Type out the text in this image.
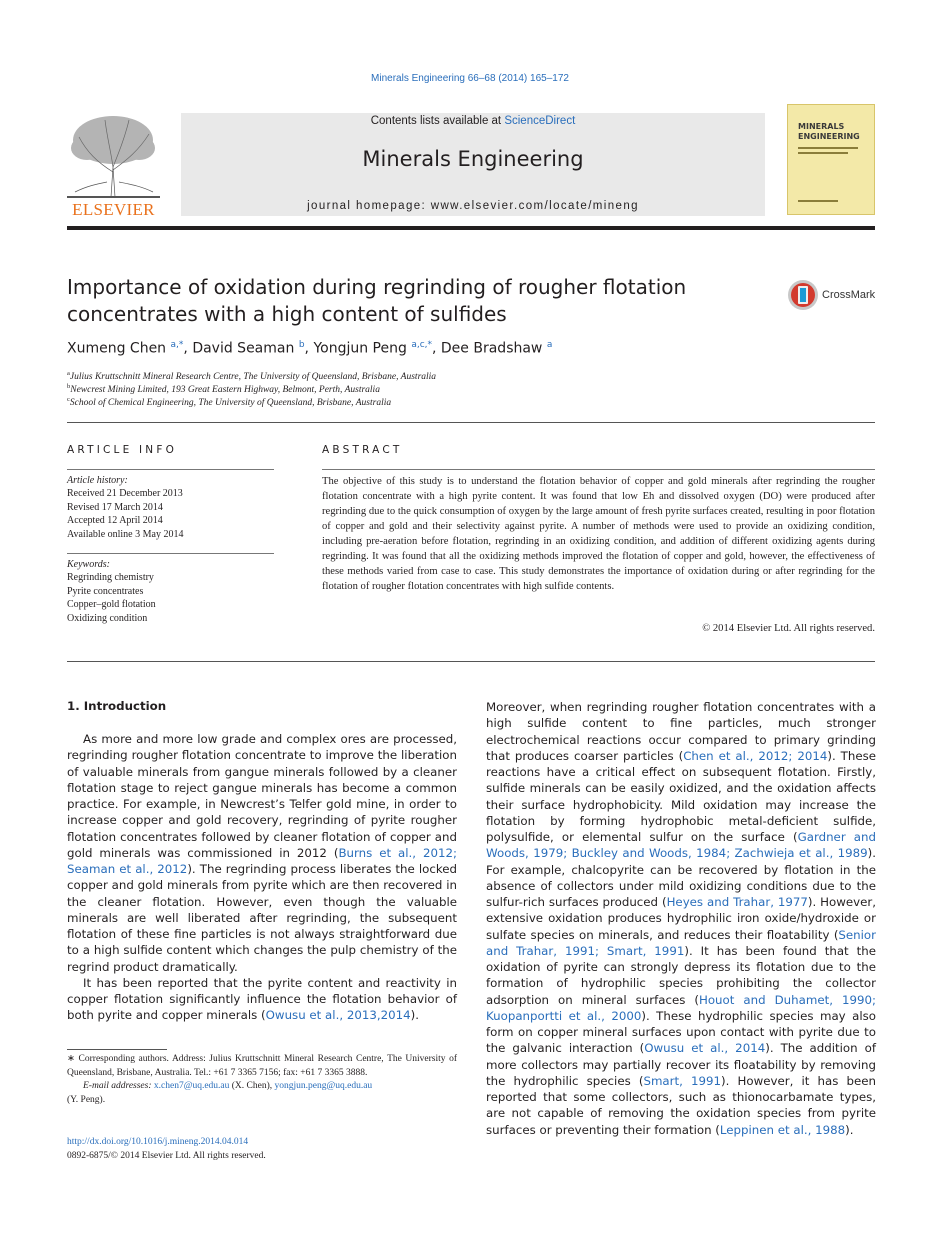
Minerals Engineering 66–68 (2014) 165–172
ELSEVIER
Contents lists available at ScienceDirect
Minerals Engineering
journal homepage: www.elsevier.com/locate/mineng
MINERALS
ENGINEERING
Importance of oxidation during regrinding of rougher flotation
concentrates with a high content of sulfides
CrossMark
Xumeng Chen $^{a,*}$, David Seaman $^b$, Yongjun Peng $^{a,c,*}$, Dee Bradshaw $^a$
$^a$Julius Kruttschnitt Mineral Research Centre, The University of Queensland, Brisbane, Australia
$^b$Newcrest Mining Limited, 193 Great Eastern Highway, Belmont, Perth, Australia
$^c$School of Chemical Engineering, The University of Queensland, Brisbane, Australia
ARTICLE INFO
Article history:
Received 21 December 2013
Revised 17 March 2014
Accepted 12 April 2014
Available online 3 May 2014
Keywords:
Regrinding chemistry
Pyrite concentrates
Copper–gold flotation
Oxidizing condition
ABSTRACT
The objective of this study is to understand the flotation behavior of copper and gold minerals after regrinding the rougher flotation concentrate with a high pyrite content. It was found that low Eh and dissolved oxygen (DO) were produced after regrinding due to the quick consumption of oxygen by the large amount of fresh pyrite surfaces created, resulting in poor flotation of copper and gold and their selectivity against pyrite. A number of methods were used to provide an oxidizing condition, including pre-aeration before flotation, regrinding in an oxidizing condition, and addition of different oxidizing agents during regrinding. It was found that all the oxidizing methods improved the flotation of copper and gold, however, the effectiveness of these methods varied from case to case. This study demonstrates the importance of oxidation during or after regrinding for the flotation of rougher flotation concentrates with high sulfide contents.
© 2014 Elsevier Ltd. All rights reserved.
1. Introduction

As more and more low grade and complex ores are processed, regrinding rougher flotation concentrate to improve the liberation of valuable minerals from gangue minerals followed by a cleaner flotation stage to reject gangue minerals has become a common practice. For example, in Newcrest’s Telfer gold mine, in order to increase copper and gold recovery, regrinding of pyrite rougher flotation concentrates followed by cleaner flotation of copper and gold minerals was commissioned in 2012 (Burns et al., 2012; Seaman et al., 2012). The regrinding process liberates the locked copper and gold minerals from pyrite which are then recovered in the cleaner flotation. However, even though the valuable minerals are well liberated after regrinding, the subsequent flotation of these fine particles is not always straightforward due to a high sulfide content which changes the pulp chemistry of the regrind product dramatically.

It has been reported that the pyrite content and reactivity in copper flotation significantly influence the flotation behavior of both pyrite and copper minerals (Owusu et al., 2013,2014).

∗ Corresponding authors. Address: Julius Kruttschnitt Mineral Research Centre, The University of Queensland, Brisbane, Australia. Tel.: +61 7 3365 7156; fax: +61 7 3365 3888.
E-mail addresses: x.chen7@uq.edu.au (X. Chen), yongjun.peng@uq.edu.au
(Y. Peng).
http://dx.doi.org/10.1016/j.mineng.2014.04.014
0892-6875/© 2014 Elsevier Ltd. All rights reserved.

Moreover, when regrinding rougher flotation concentrates with a high sulfide content to fine particles, much stronger electrochemical reactions occur compared to primary grinding that produces coarser particles (Chen et al., 2012; 2014). These reactions have a critical effect on subsequent flotation. Firstly, sulfide minerals can be easily oxidized, and the oxidation affects their surface hydrophobicity. Mild oxidation may increase the flotation by forming hydrophobic metal-deficient sulfide, polysulfide, or elemental sulfur on the surface (Gardner and Woods, 1979; Buckley and Woods, 1984; Zachwieja et al., 1989). For example, chalcopyrite can be recovered by flotation in the absence of collectors under mild oxidizing conditions due to the sulfur-rich surfaces produced (Heyes and Trahar, 1977). However, extensive oxidation produces hydrophilic iron oxide/hydroxide or sulfate species on minerals, and reduces their floatability (Senior and Trahar, 1991; Smart, 1991). It has been found that the oxidation of pyrite can strongly depress its flotation due to the formation of hydrophilic species prohibiting the collector adsorption on mineral surfaces (Houot and Duhamet, 1990; Kuopanportti et al., 2000). These hydrophilic species may also form on copper mineral surfaces upon contact with pyrite due to the galvanic interaction (Owusu et al., 2014). The addition of more collectors may partially recover its floatability by removing the hydrophilic species (Smart, 1991). However, it has been reported that some collectors, such as thionocarbamate types, are not capable of removing the oxidation species from pyrite surfaces or preventing their formation (Leppinen et al., 1988).
